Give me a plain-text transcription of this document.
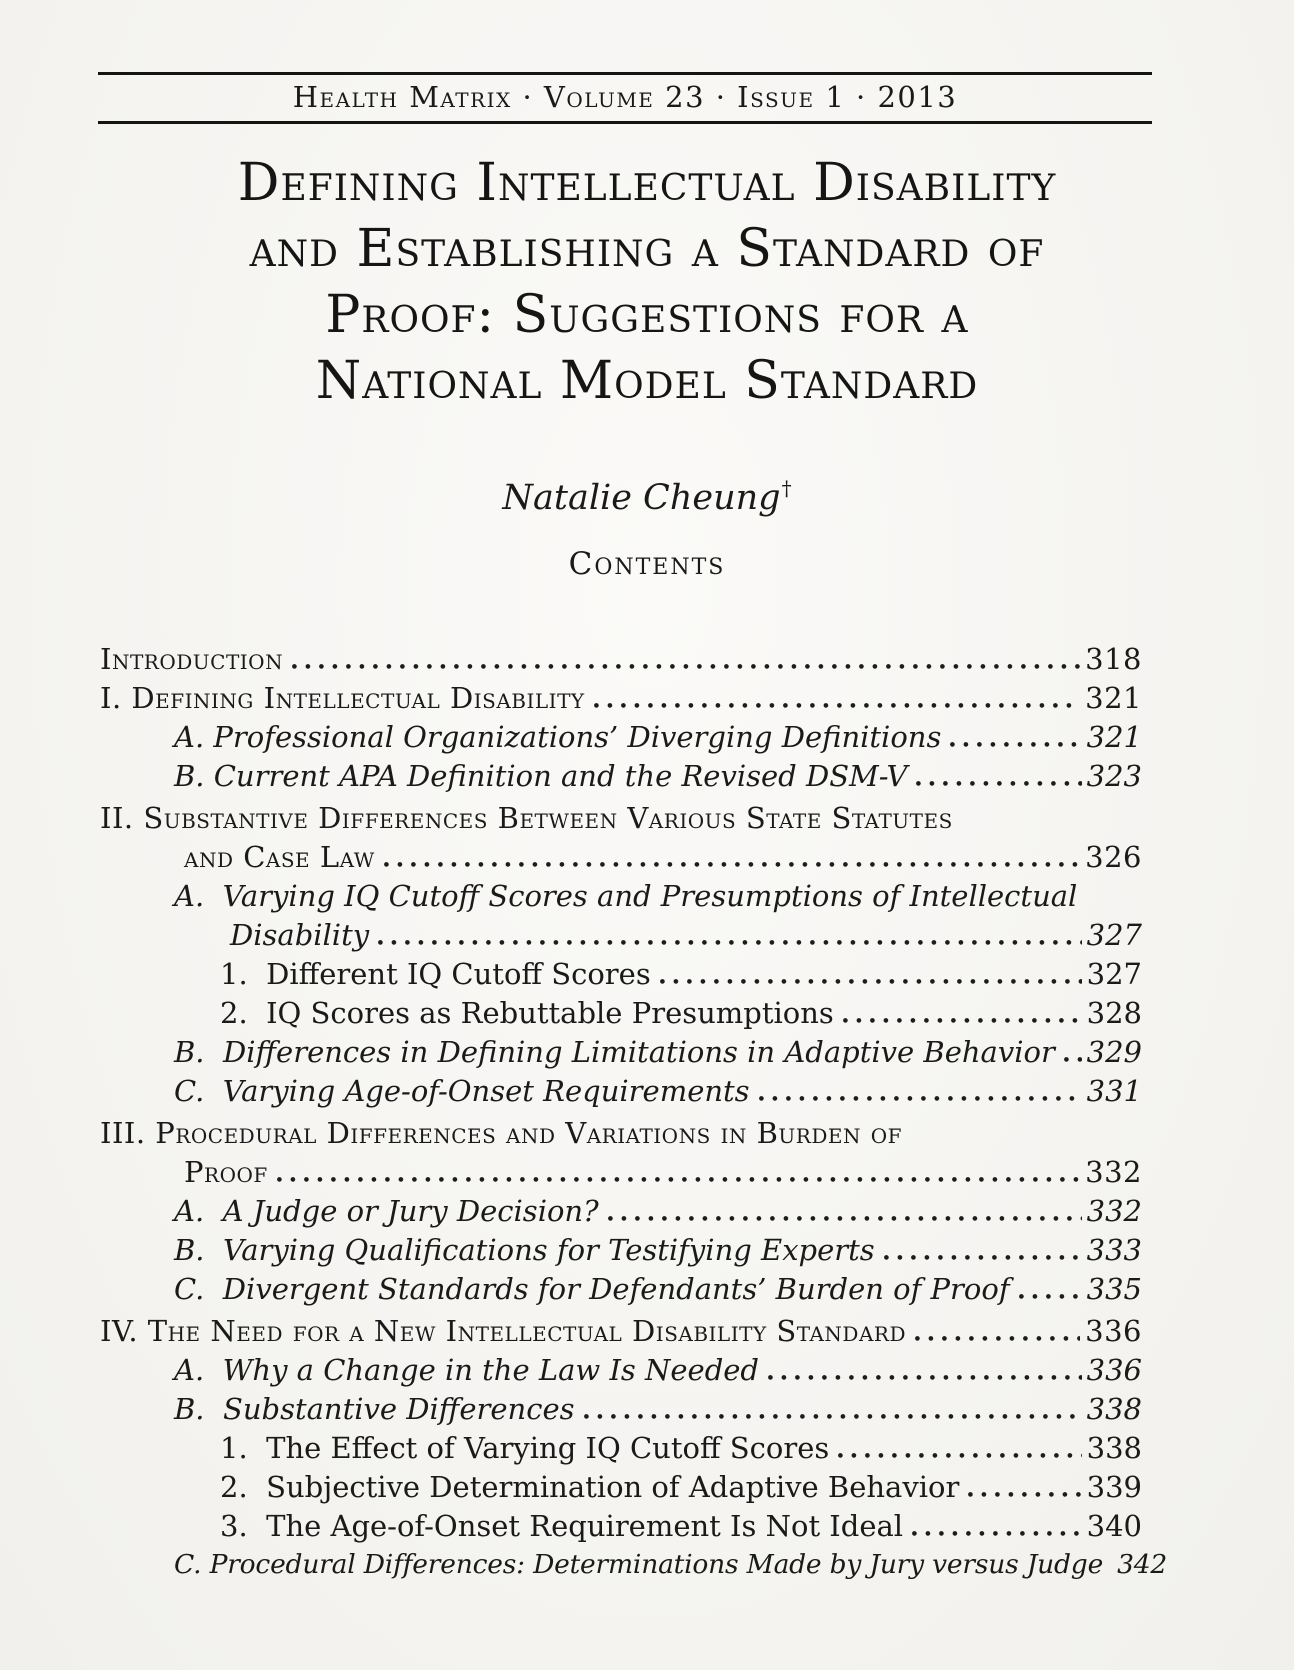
Health Matrix · Volume 23 · Issue 1 · 2013
Defining Intellectual Disability
and Establishing a Standard of
Proof: Suggestions for a
National Model Standard
Natalie Cheung†
Contents
Introduction	318
I. Defining Intellectual Disability	321
A. Professional Organizations’ Diverging Definitions	321
B. Current APA Definition and the Revised DSM-V	323
II. Substantive Differences Between Various State Statutes
and Case Law	326
A.  Varying IQ Cutoff Scores and Presumptions of Intellectual
Disability	327
1.  Different IQ Cutoff Scores	327
2.  IQ Scores as Rebuttable Presumptions	328
B.  Differences in Defining Limitations in Adaptive Behavior 329
C.  Varying Age-of-Onset Requirements	331
III. Procedural Differences and Variations in Burden of
Proof	332
A.  A Judge or Jury Decision?	332
B.  Varying Qualifications for Testifying Experts	333
C.  Divergent Standards for Defendants’ Burden of Proof	335
IV. The Need for a New Intellectual Disability Standard	336
A.  Why a Change in the Law Is Needed	336
B.  Substantive Differences	338
1.  The Effect of Varying IQ Cutoff Scores	338
2.  Subjective Determination of Adaptive Behavior	339
3.  The Age-of-Onset Requirement Is Not Ideal	340
C. Procedural Differences: Determinations Made by Jury versus Judge 342
